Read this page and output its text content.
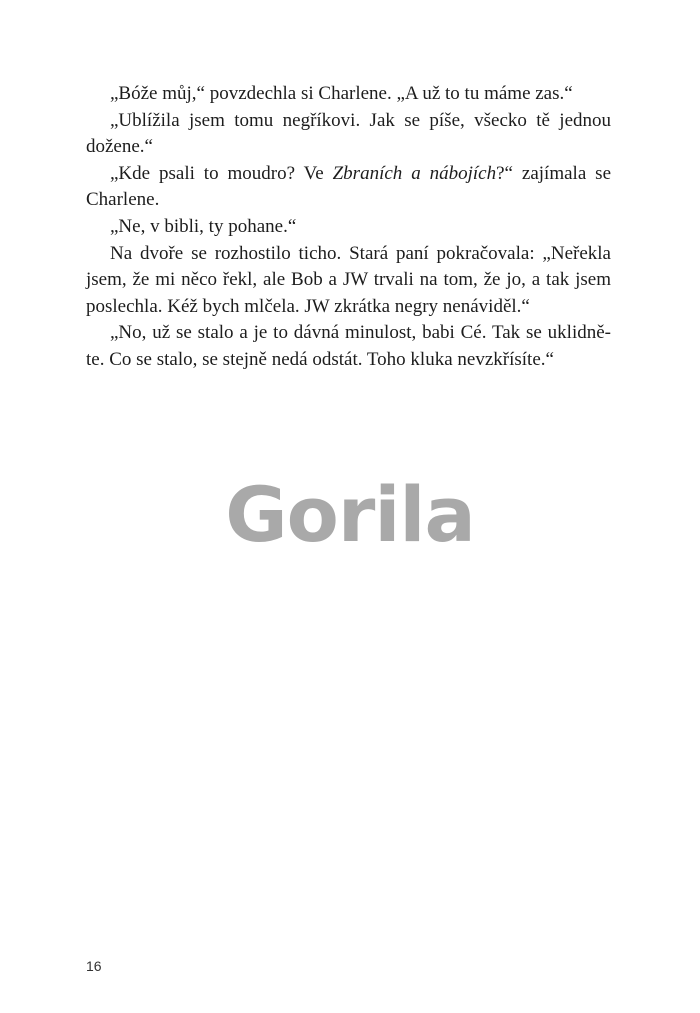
„Bóže můj,“ povzdechla si Charlene. „A už to tu máme zas.“
„Ublížila jsem tomu negříkovi. Jak se píše, všecko tě jednou
dožene.“
„Kde psali to moudro? Ve Zbraních a nábojích?“ zajímala se
Charlene.
„Ne, v bibli, ty pohane.“
Na dvoře se rozhostilo ticho. Stará paní pokračovala: „Neřekla
jsem, že mi něco řekl, ale Bob a JW trvali na tom, že jo, a tak jsem
poslechla. Kéž bych mlčela. JW zkrátka negry nenáviděl.“
„No, už se stalo a je to dávná minulost, babi Cé. Tak se uklidně-
te. Co se stalo, se stejně nedá odstát. Toho kluka nevzkřísíte.“
Gorila
16
